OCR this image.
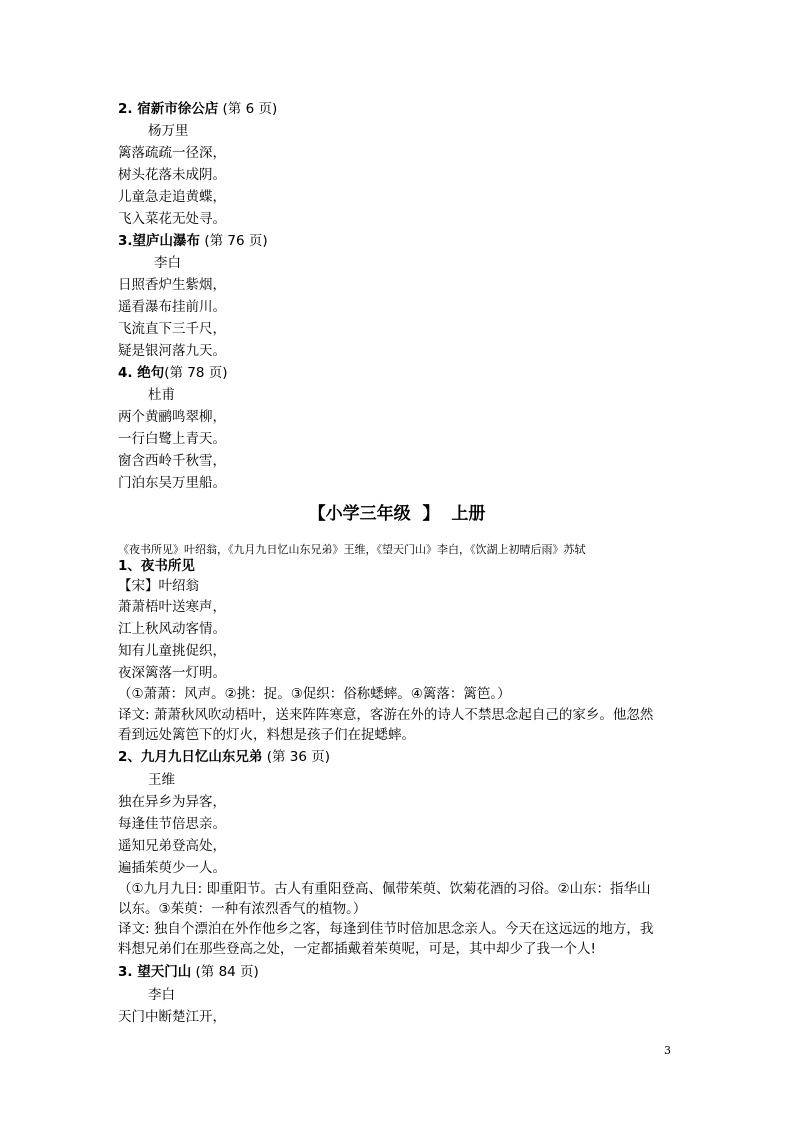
2. 宿新市徐公店 (第 6 页)
杨万里
篱落疏疏一径深，
树头花落未成阴。
儿童急走追黄蝶，
飞入菜花无处寻。
3.望庐山瀑布 (第 76 页)
李白
日照香炉生紫烟，
遥看瀑布挂前川。
飞流直下三千尺，
疑是银河落九天。
4. 绝句(第 78 页)
杜甫
两个黄鹂鸣翠柳，
一行白鹭上青天。
窗含西岭千秋雪，
门泊东吴万里船。
【小学三年级  】  上册
《夜书所见》叶绍翁，《九月九日忆山东兄弟》王维，《望天门山》李白，《饮湖上初晴后雨》苏轼
1、夜书所见
【宋】叶绍翁
萧萧梧叶送寒声，
江上秋风动客情。
知有儿童挑促织，
夜深篱落一灯明。
（①萧萧：风声。②挑：捉。③促织：俗称蟋蟀。④篱落：篱笆。）
译文: 萧萧秋风吹动梧叶，送来阵阵寒意，客游在外的诗人不禁思念起自己的家乡。他忽然
看到远处篱笆下的灯火，料想是孩子们在捉蟋蟀。
2、九月九日忆山东兄弟 (第 36 页)
王维
独在异乡为异客，
每逢佳节倍思亲。
遥知兄弟登高处，
遍插茱萸少一人。
（①九月九日: 即重阳节。古人有重阳登高、佩带茱萸、饮菊花酒的习俗。②山东：指华山
以东。③茱萸：一种有浓烈香气的植物。）
译文: 独自个漂泊在外作他乡之客，每逢到佳节时倍加思念亲人。今天在这远远的地方，我
料想兄弟们在那些登高之处，一定都插戴着茱萸呢，可是，其中却少了我一个人!
3. 望天门山 (第 84 页)
李白
天门中断楚江开，
3
